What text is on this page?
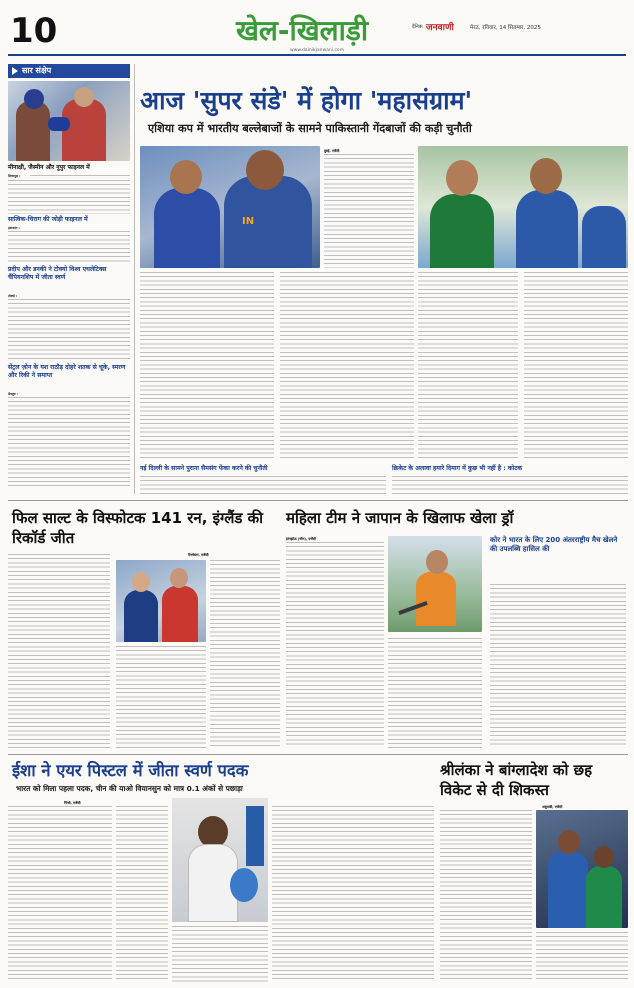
10	खेल-खिलाड़ी	दैनिक जनवाणी	मेरठ, रविवार, 14 सितम्बर, 2025
www.dainikjanwani.com
सार संक्षेप
मीनाक्षी, जैस्मीन और नुपुर फाइनल में
लिवरपूल :
सात्विक-चिराग की जोड़ी फाइनल में
हांगकांग :
प्रदीप और डनकी ने टोक्यो विश्व एथलेटिक्स चैंपियनशिप में जीता स्वर्ण
टोक्यो :
सेंट्रल ज़ोन के यश राठौड़ दोहरे शतक से चूके, स्मरण और रिकी ने समाप्त
बेंगलुरु :
आज 'सुपर संडे' में होगा 'महासंग्राम'
एशिया कप में भारतीय बल्लेबाजों के सामने पाकिस्तानी गेंदबाजों की कड़ी चुनौती
IN
दुबई, एजेंसी
नई दिल्ली के सामने पुराना सैमसंग फेंका करने की चुनौती	क्रिकेट के अलावा हमारे दिमाग में कुछ भी नहीं है : कोटक
फिल साल्ट के विस्फोटक 141 रन, इंग्लैंड की रिकॉर्ड जीत
मैनचेस्टर, एजेंसी
महिला टीम ने जापान के खिलाफ खेला ड्रॉ
हांगझोऊ (चीन), एजेंसी	कोर ने भारत के लिए 200 अंतरराष्ट्रीय मैच खेलने की उपलब्धि हासिल की
ईशा ने एयर पिस्टल में जीता स्वर्ण पदक
भारत को मिला पहला पदक, चीन की याओ वियानसुन को मात्र 0.1 अंकों से पछाड़ा
निंग्बो, एजेंसी
श्रीलंका ने बांग्लादेश को छह विकेट से दी शिकस्त
अबूधाबी, एजेंसी
